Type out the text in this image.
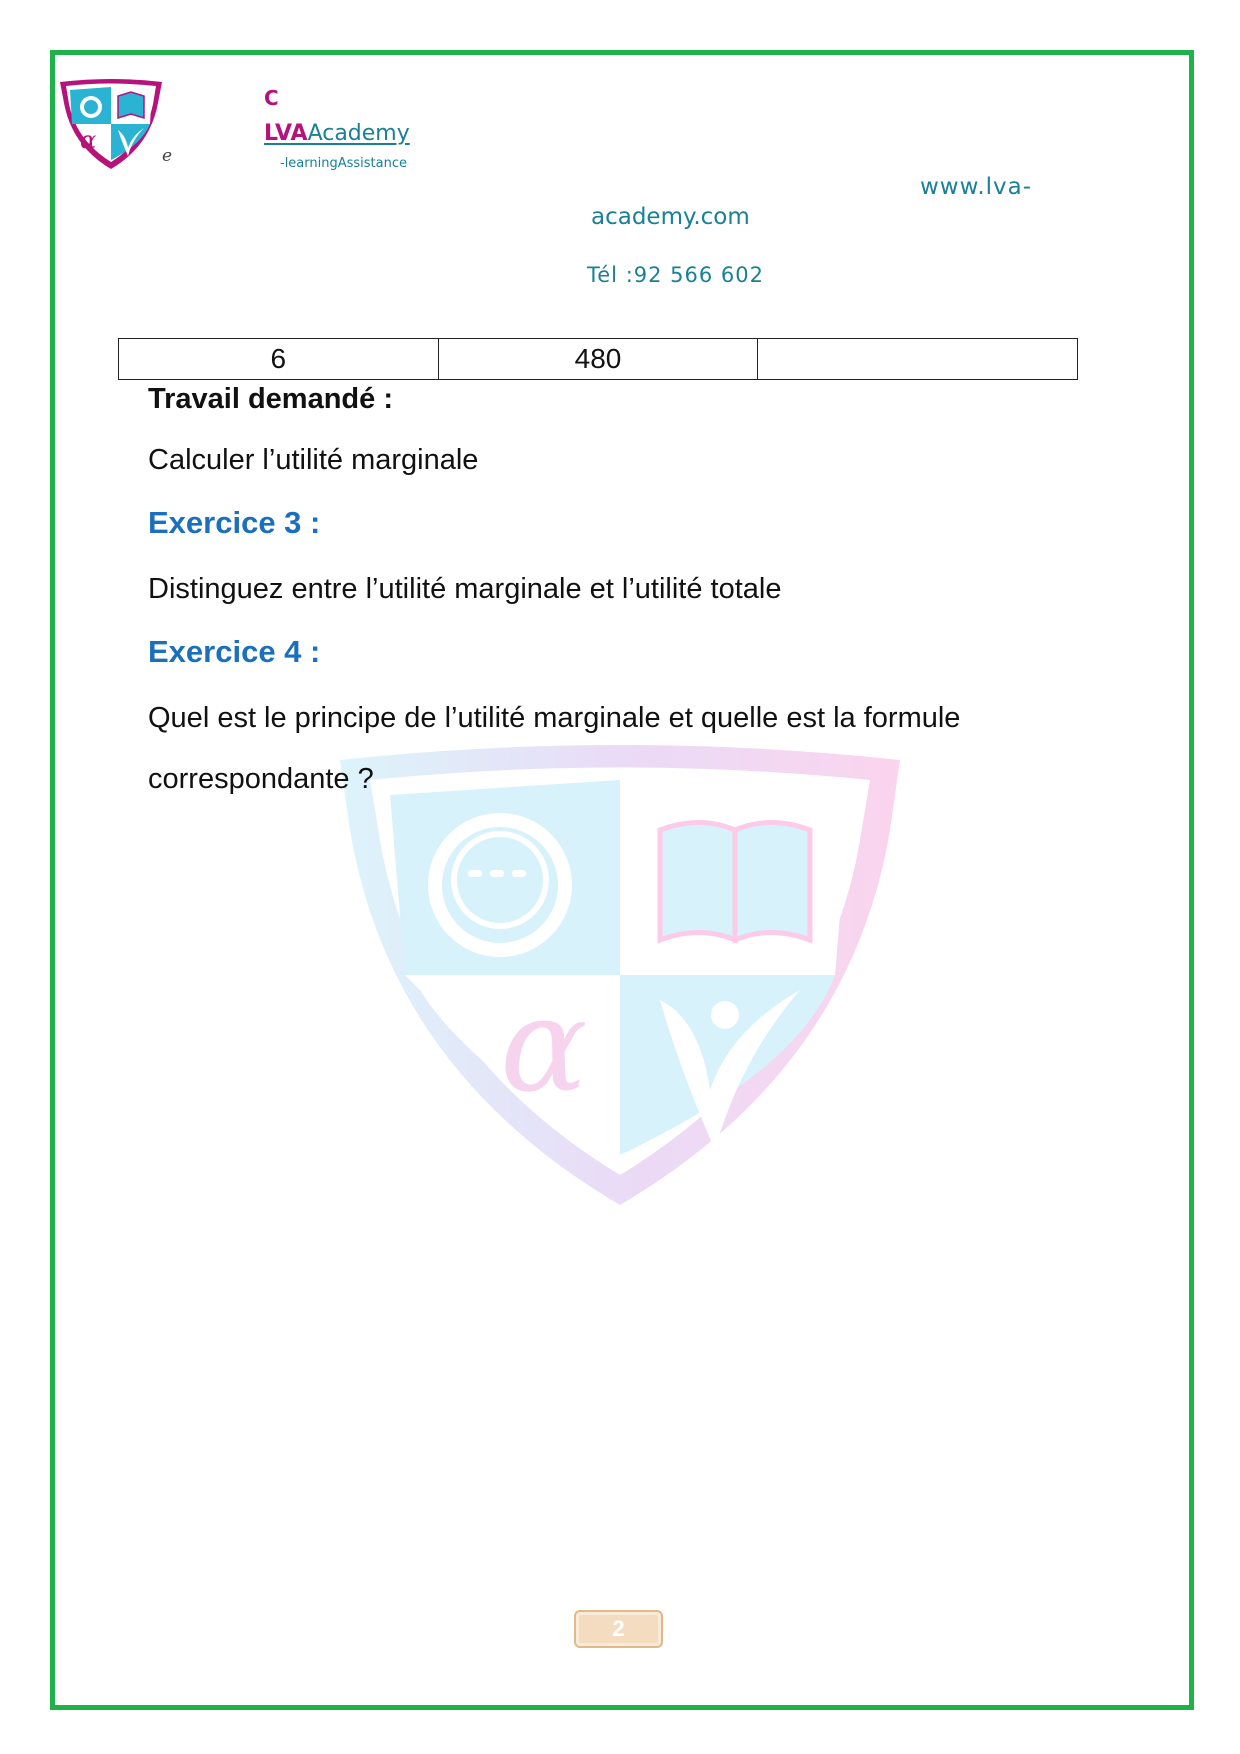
α
α
e
C
LVAAcademy
-learningAssistance
www.lva-
academy.com
Tél :92 566 602
6	480	
Travail demandé :
Calculer l’utilité marginale
Exercice 3 :
Distinguez entre l’utilité marginale et l’utilité totale
Exercice 4 :
Quel est le principe de l’utilité marginale et quelle est la formule
correspondante ?
2
